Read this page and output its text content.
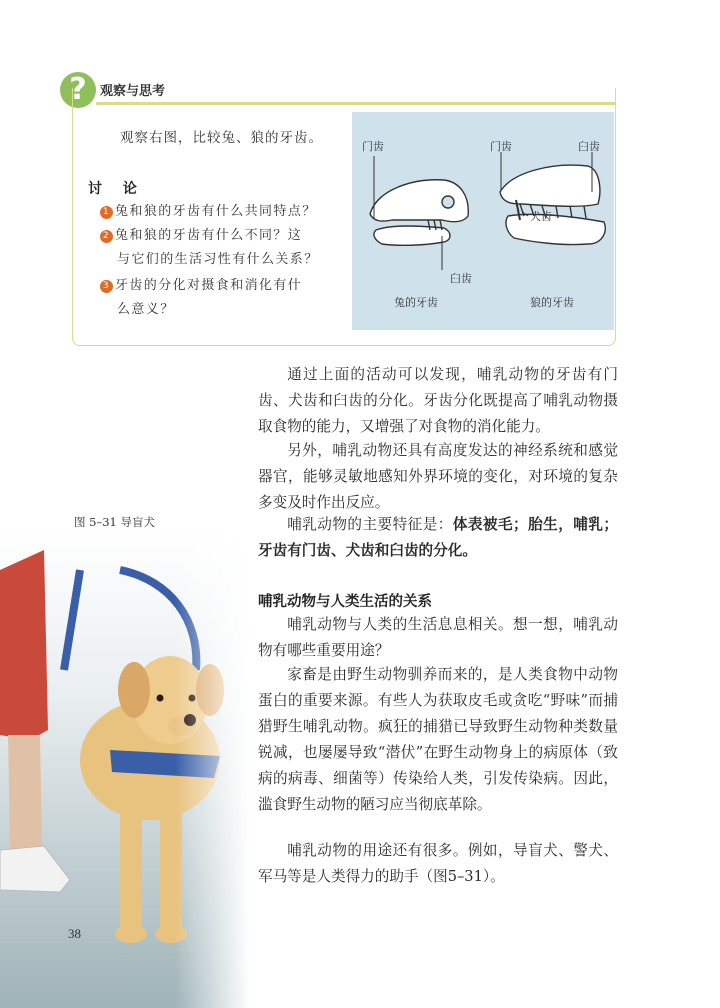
?	观察与思考
观察右图，比较兔、狼的牙齿。
讨 论
1 兔和狼的牙齿有什么共同特点？
2 兔和狼的牙齿有什么不同？这
与它们的生活习性有什么关系？
3 牙齿的分化对摄食和消化有什
么意义？
门齿
臼齿
兔的牙齿
门齿	臼齿
犬齿
狼的牙齿

通过上面的活动可以发现，哺乳动物的牙齿有门齿、犬齿和臼齿的分化。牙齿分化既提高了哺乳动物摄取食物的能力，又增强了对食物的消化能力。

另外，哺乳动物还具有高度发达的神经系统和感觉器官，能够灵敏地感知外界环境的变化，对环境的复杂多变及时作出反应。

哺乳动物的主要特征是：体表被毛；胎生，哺乳；牙齿有门齿、犬齿和臼齿的分化。

哺乳动物与人类生活的关系

哺乳动物与人类的生活息息相关。想一想，哺乳动物有哪些重要用途？

家畜是由野生动物驯养而来的，是人类食物中动物蛋白的重要来源。有些人为获取皮毛或贪吃“野味”而捕猎野生哺乳动物。疯狂的捕猎已导致野生动物种类数量锐减，也屡屡导致“潜伏”在野生动物身上的病原体（致病的病毒、细菌等）传染给人类，引发传染病。因此，滥食野生动物的陋习应当彻底革除。

哺乳动物的用途还有很多。例如，导盲犬、警犬、军马等是人类得力的助手（图5–31）。

图 5–31 导盲犬
38
